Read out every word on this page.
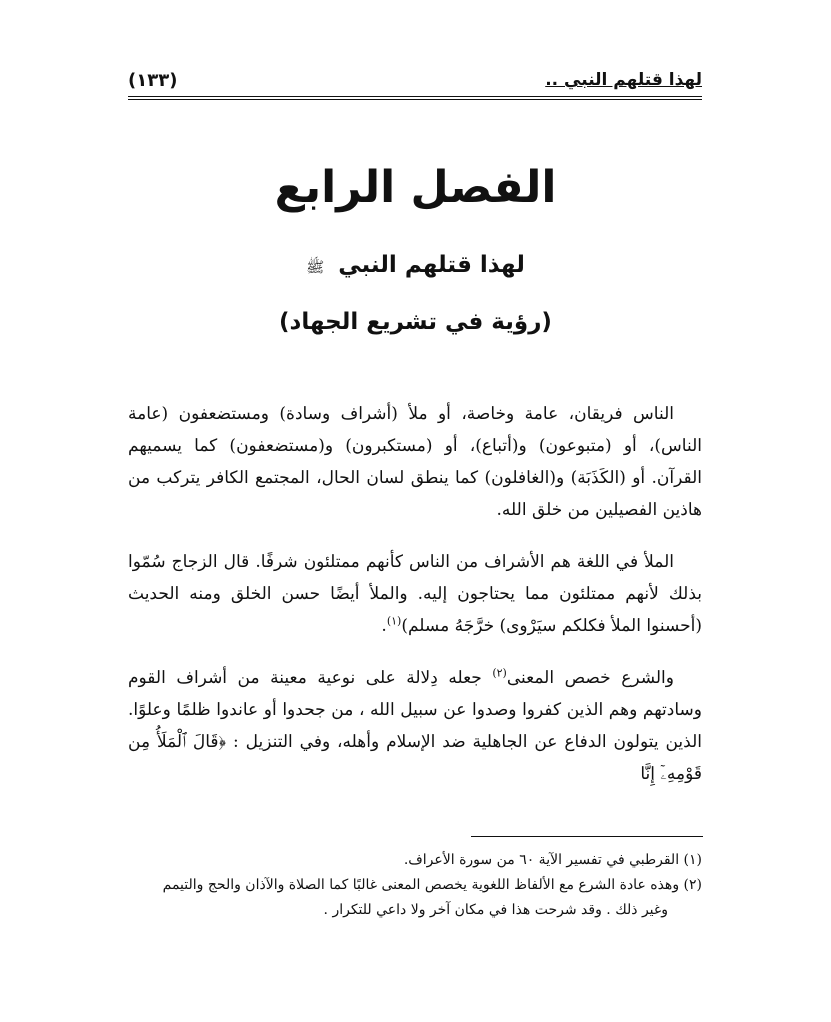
لهذا قتلهم النبي ..
(١٣٣)
الفصل الرابع
لهذا قتلهم النبي ﷺ
(رؤية في تشريع الجهاد)

الناس فريقان، عامة وخاصة، أو ملأ (أشراف وسادة) ومستضعفون (عامة الناس)، أو (متبوعون) و(أتباع)، أو (مستكبرون) و(مستضعفون) كما يسميهم القرآن. أو (الكَذَبَة) و(الغافلون) كما ينطق لسان الحال، المجتمع الكافر يتركب من هاذين الفصيلين من خلق الله.

الملأ في اللغة هم الأشراف من الناس كأنهم ممتلئون شرفًا. قال الزجاج سُمّوا بذلك لأنهم ممتلئون مما يحتاجون إليه. والملأ أيضًا حسن الخلق ومنه الحديث (أحسنوا الملأ فكلكم سيَرْوى) خرَّجَهُ مسلم)$^{(١)}$.

والشرع خصص المعنى$^{(٢)}$ جعله دِلالة على نوعية معينة من أشراف القوم وسادتهم وهم الذين كفروا وصدوا عن سبيل الله ، من جحدوا أو عاندوا ظلمًا وعلوًا. الذين يتولون الدفاع عن الجاهلية ضد الإسلام وأهله، وفي التنزيل : ﴿قَالَ ٱلْمَلَأُ مِن قَوْمِهِۦٓ إِنَّا

(١) القرطبي في تفسير الآية ٦٠ من سورة الأعراف.

(٢) وهذه عادة الشرع مع الألفاظ اللغوية يخصص المعنى غالبًا كما الصلاة والآذان والحج والتيمم

وغير ذلك . وقد شرحت هذا في مكان آخر ولا داعي للتكرار .
